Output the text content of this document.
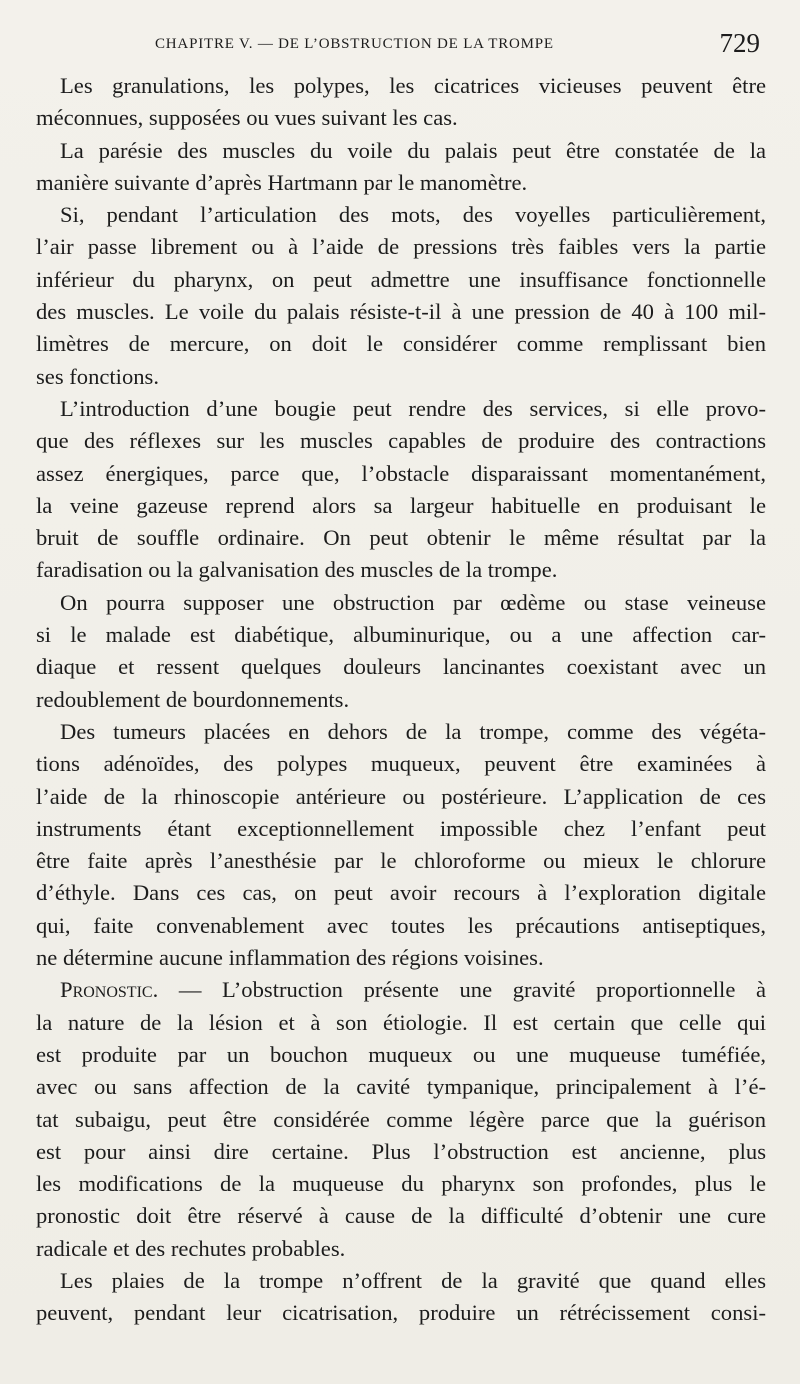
CHAPITRE V. — DE L’OBSTRUCTION DE LA TROMPE	729
Les granulations, les polypes, les cicatrices vicieuses peuvent être
méconnues, supposées ou vues suivant les cas.
La parésie des muscles du voile du palais peut être constatée de la
manière suivante d’après Hartmann par le manomètre.
Si, pendant l’articulation des mots, des voyelles particulièrement,
l’air passe librement ou à l’aide de pressions très faibles vers la partie
inférieur du pharynx, on peut admettre une insuffisance fonctionnelle
des muscles. Le voile du palais résiste-t-il à une pression de 40 à 100 mil-
limètres de mercure, on doit le considérer comme remplissant bien
ses fonctions.
L’introduction d’une bougie peut rendre des services, si elle provo-
que des réflexes sur les muscles capables de produire des contractions
assez énergiques, parce que, l’obstacle disparaissant momentanément,
la veine gazeuse reprend alors sa largeur habituelle en produisant le
bruit de souffle ordinaire. On peut obtenir le même résultat par la
faradisation ou la galvanisation des muscles de la trompe.
On pourra supposer une obstruction par œdème ou stase veineuse
si le malade est diabétique, albuminurique, ou a une affection car-
diaque et ressent quelques douleurs lancinantes coexistant avec un
redoublement de bourdonnements.
Des tumeurs placées en dehors de la trompe, comme des végéta-
tions adénoïdes, des polypes muqueux, peuvent être examinées à
l’aide de la rhinoscopie antérieure ou postérieure. L’application de ces
instruments étant exceptionnellement impossible chez l’enfant peut
être faite après l’anesthésie par le chloroforme ou mieux le chlorure
d’éthyle. Dans ces cas, on peut avoir recours à l’exploration digitale
qui, faite convenablement avec toutes les précautions antiseptiques,
ne détermine aucune inflammation des régions voisines.
Pronostic. — L’obstruction présente une gravité proportionnelle à
la nature de la lésion et à son étiologie. Il est certain que celle qui
est produite par un bouchon muqueux ou une muqueuse tuméfiée,
avec ou sans affection de la cavité tympanique, principalement à l’é-
tat subaigu, peut être considérée comme légère parce que la guérison
est pour ainsi dire certaine. Plus l’obstruction est ancienne, plus
les modifications de la muqueuse du pharynx son profondes, plus le
pronostic doit être réservé à cause de la difficulté d’obtenir une cure
radicale et des rechutes probables.
Les plaies de la trompe n’offrent de la gravité que quand elles
peuvent, pendant leur cicatrisation, produire un rétrécissement consi-
